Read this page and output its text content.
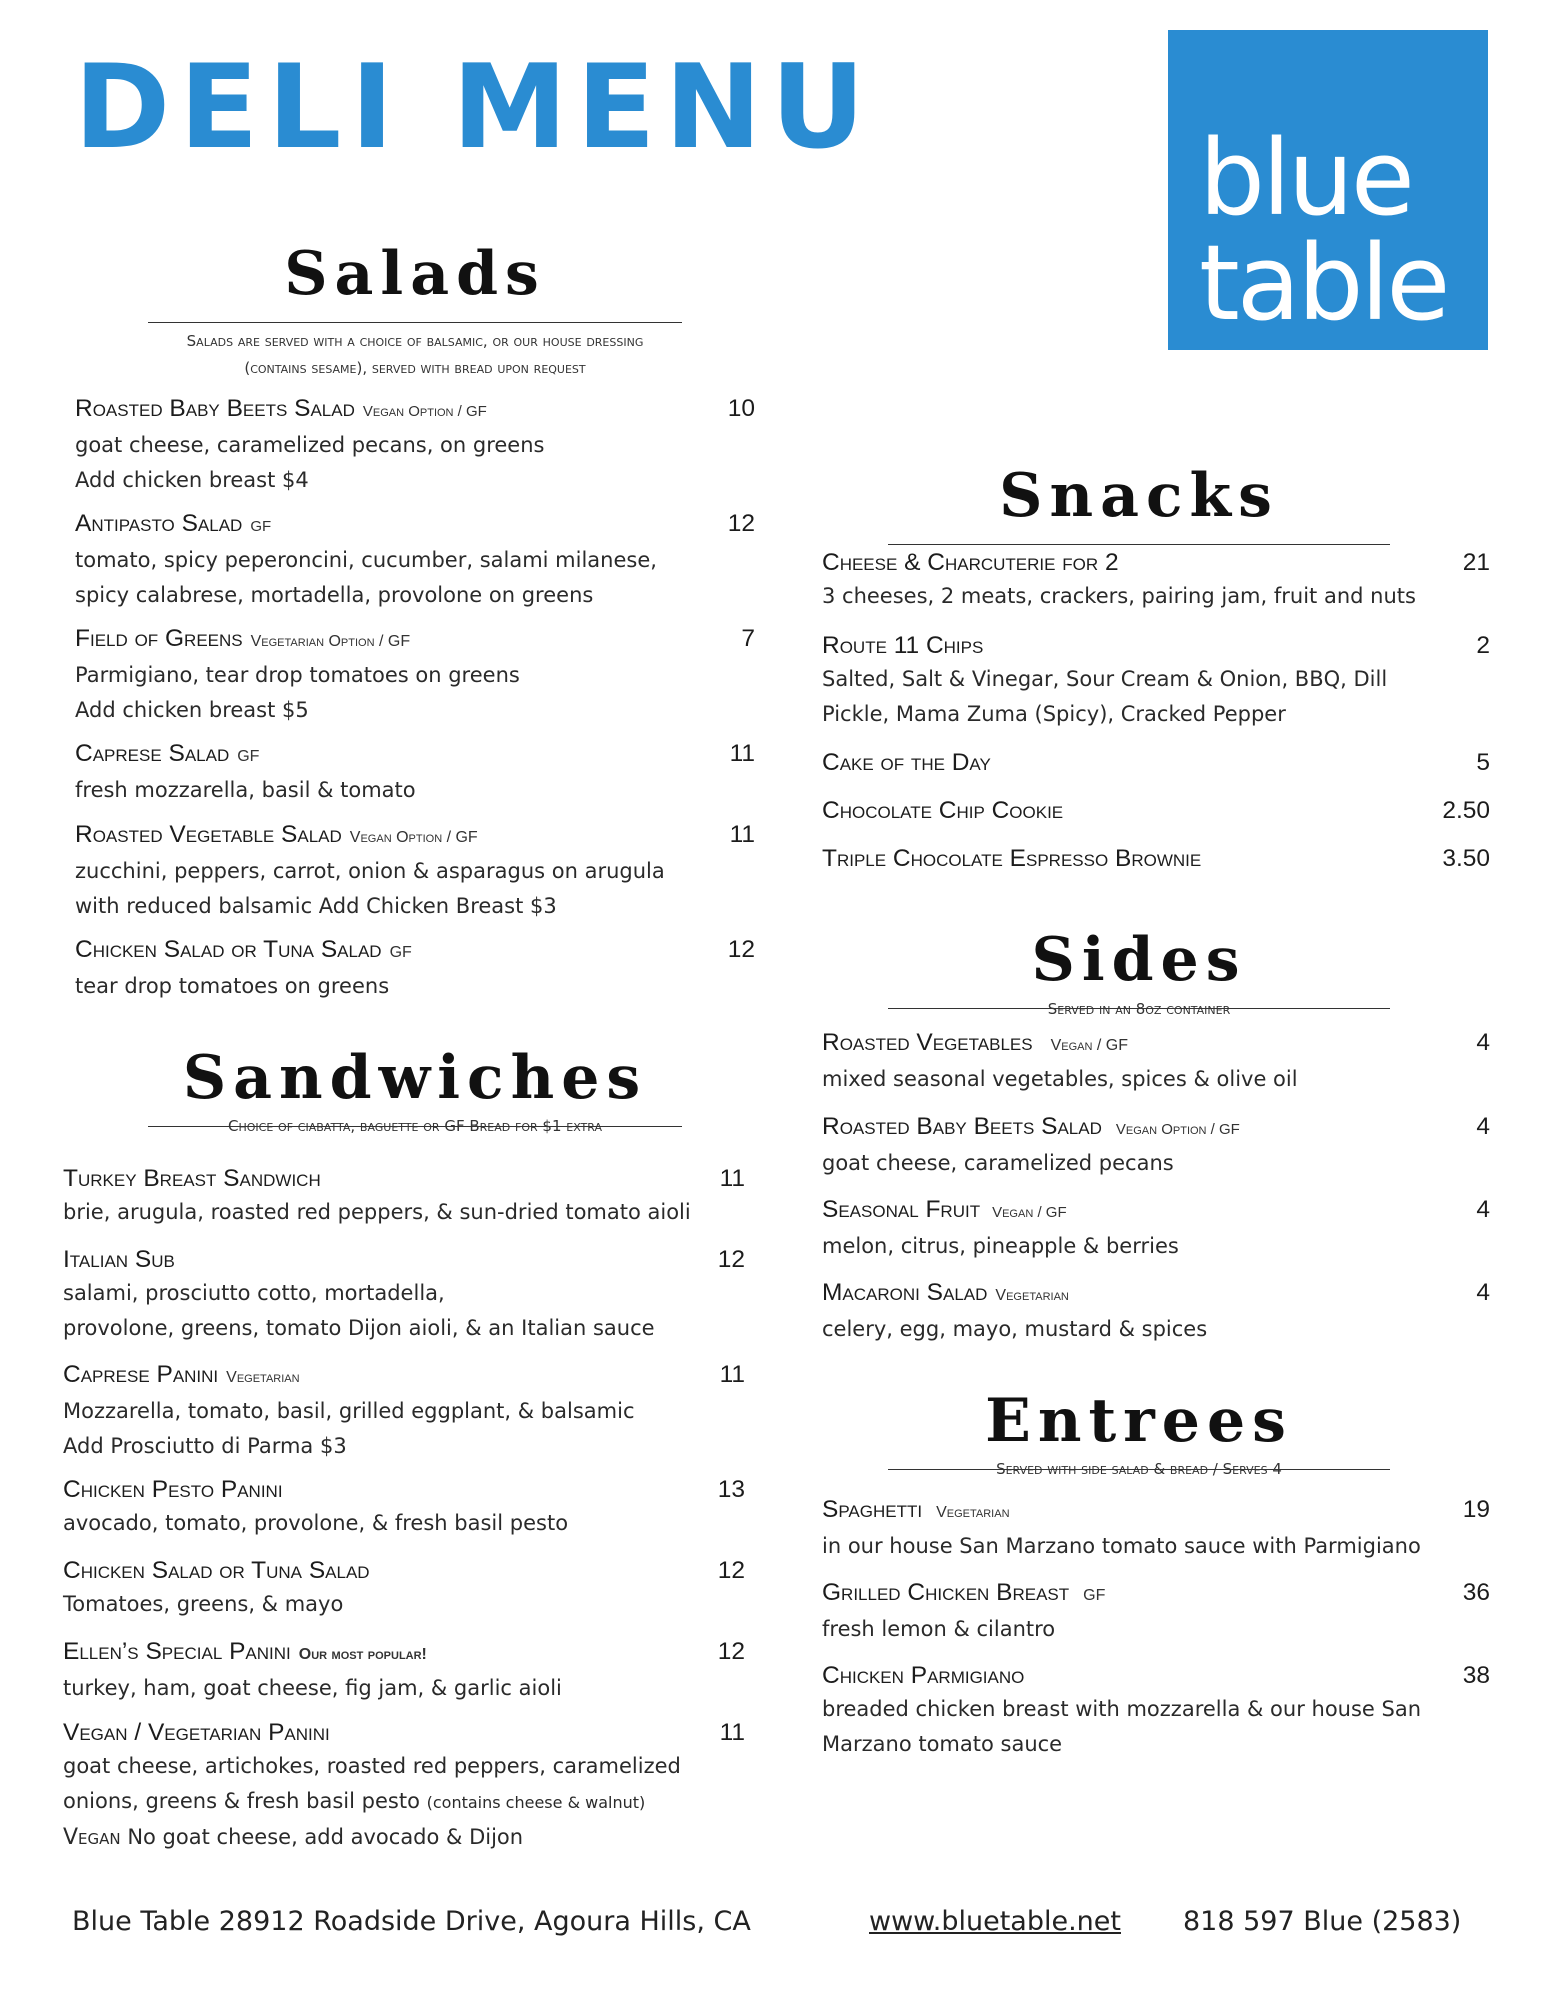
DELI MENU
blue
table
Salads
Salads are served with a choice of balsamic, or our house dressing
(contains sesame), served with bread upon request
Roasted Baby Beets Salad Vegan Option / GF	10
goat cheese, caramelized pecans, on greens
Add chicken breast $4
Antipasto Salad GF	12
tomato, spicy peperoncini, cucumber, salami milanese,
spicy calabrese, mortadella, provolone on greens
Field of Greens Vegetarian Option / GF	7
Parmigiano, tear drop tomatoes on greens
Add chicken breast $5
Caprese Salad GF	11
fresh mozzarella, basil & tomato
Roasted Vegetable Salad Vegan Option / GF	11
zucchini, peppers, carrot, onion & asparagus on arugula
with reduced balsamic Add Chicken Breast $3
Chicken Salad or Tuna Salad GF	12
tear drop tomatoes on greens
Sandwiches
Choice of ciabatta, baguette or GF Bread for $1 extra
Turkey Breast Sandwich	11
brie, arugula, roasted red peppers, & sun-dried tomato aioli
Italian Sub	12
salami, prosciutto cotto, mortadella,
provolone, greens, tomato Dijon aioli, & an Italian sauce
Caprese Panini Vegetarian	11
Mozzarella, tomato, basil, grilled eggplant, & balsamic
Add Prosciutto di Parma $3
Chicken Pesto Panini	13
avocado, tomato, provolone, & fresh basil pesto
Chicken Salad or Tuna Salad	12
Tomatoes, greens, & mayo
Ellen’s Special Panini Our most popular!	12
turkey, ham, goat cheese, fig jam, & garlic aioli
Vegan / Vegetarian Panini	11
goat cheese, artichokes, roasted red peppers, caramelized
onions, greens & fresh basil pesto (contains cheese & walnut)
Vegan No goat cheese, add avocado & Dijon
Snacks
Cheese & Charcuterie for 2	21
3 cheeses, 2 meats, crackers, pairing jam, fruit and nuts
Route 11 Chips	2
Salted, Salt & Vinegar, Sour Cream & Onion, BBQ, Dill
Pickle, Mama Zuma (Spicy), Cracked Pepper
Cake of the Day	5
Chocolate Chip Cookie	2.50
Triple Chocolate Espresso Brownie	3.50
Sides
Served in an 8oz container
Roasted Vegetables Vegan / GF	4
mixed seasonal vegetables, spices & olive oil
Roasted Baby Beets Salad Vegan Option / GF	4
goat cheese, caramelized pecans
Seasonal Fruit Vegan / GF	4
melon, citrus, pineapple & berries
Macaroni Salad Vegetarian	4
celery, egg, mayo, mustard & spices
Entrees
Served with side salad & bread / Serves 4
Spaghetti Vegetarian	19
in our house San Marzano tomato sauce with Parmigiano
Grilled Chicken Breast GF	36
fresh lemon & cilantro
Chicken Parmigiano	38
breaded chicken breast with mozzarella & our house San
Marzano tomato sauce
Blue Table 28912 Roadside Drive, Agoura Hills, CA	www.bluetable.net 818 597 Blue (2583)
